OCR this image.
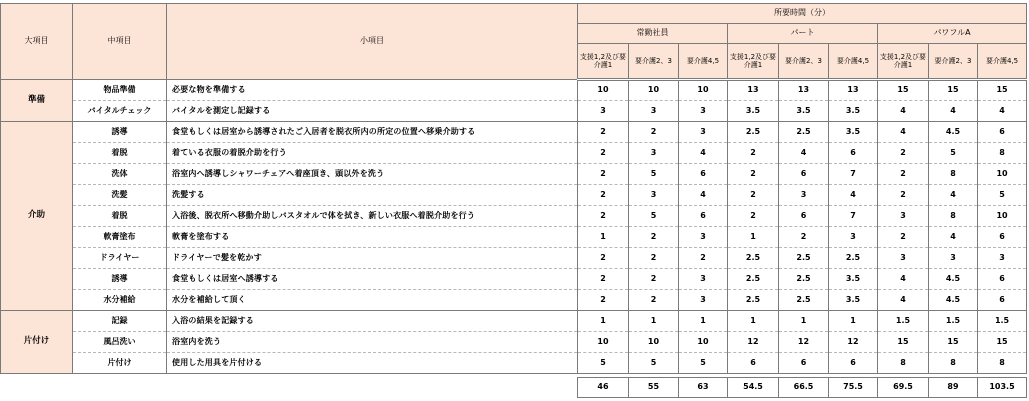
大項目	中項目	小項目	所要時間（分）								
			常勤社員			パート			パワフルA		
			支援1,2及び要介護1	要介護2、3	要介護4,5	支援1,2及び要介護1	要介護2、3	要介護4,5	支援1,2及び要介護1	要介護2、3	要介護4,5
準備	物品準備	必要な物を準備する	10	10	10	13	13	13	15	15	15
	バイタルチェック	バイタルを測定し記録する	3	3	3	3.5	3.5	3.5	4	4	4
介助	誘導	食堂もしくは居室から誘導されたご入居者を脱衣所内の所定の位置へ移乗介助する	2	2	3	2.5	2.5	3.5	4	4.5	6
	着脱	着ている衣服の着脱介助を行う	2	3	4	2	4	6	2	5	8
	洗体	浴室内へ誘導しシャワーチェアへ着座頂き、頭以外を洗う	2	5	6	2	6	7	2	8	10
	洗髪	洗髪する	2	3	4	2	3	4	2	4	5
	着脱	入浴後、脱衣所へ移動介助しバスタオルで体を拭き、新しい衣服へ着脱介助を行う	2	5	6	2	6	7	3	8	10
	軟膏塗布	軟膏を塗布する	1	2	3	1	2	3	2	4	6
	ドライヤー	ドライヤーで髪を乾かす	2	2	2	2.5	2.5	2.5	3	3	3
	誘導	食堂もしくは居室へ誘導する	2	2	3	2.5	2.5	3.5	4	4.5	6
	水分補給	水分を補給して頂く	2	2	3	2.5	2.5	3.5	4	4.5	6
片付け	記録	入浴の結果を記録する	1	1	1	1	1	1	1.5	1.5	1.5
	風呂洗い	浴室内を洗う	10	10	10	12	12	12	15	15	15
	片付け	使用した用具を片付ける	5	5	5	6	6	6	8	8	8

			46	55	63	54.5	66.5	75.5	69.5	89	103.5
